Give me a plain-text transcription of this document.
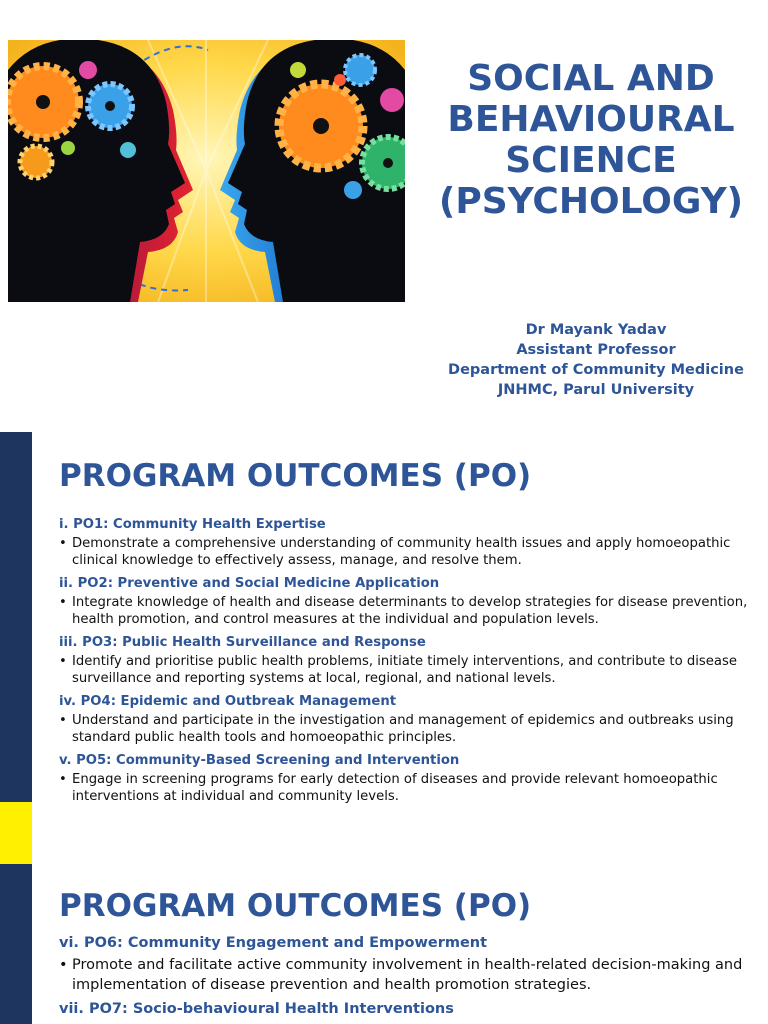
SOCIAL AND
BEHAVIOURAL
SCIENCE
(PSYCHOLOGY)
Dr Mayank Yadav
Assistant Professor
Department of Community Medicine
JNHMC, Parul University
PROGRAM OUTCOMES (PO)

i. PO1: Community Health Expertise

• Demonstrate a comprehensive understanding of community health issues and apply homoeopathic clinical knowledge to effectively assess, manage, and resolve them.

ii. PO2: Preventive and Social Medicine Application

• Integrate knowledge of health and disease determinants to develop strategies for disease prevention, health promotion, and control measures at the individual and population levels.

iii. PO3: Public Health Surveillance and Response

• Identify and prioritise public health problems, initiate timely interventions, and contribute to disease surveillance and reporting systems at local, regional, and national levels.

iv. PO4: Epidemic and Outbreak Management

• Understand and participate in the investigation and management of epidemics and outbreaks using standard public health tools and homoeopathic principles.

v. PO5: Community-Based Screening and Intervention

• Engage in screening programs for early detection of diseases and provide relevant homoeopathic interventions at individual and community levels.

PROGRAM OUTCOMES (PO)

vi. PO6: Community Engagement and Empowerment

• Promote and facilitate active community involvement in health-related decision-making and implementation of disease prevention and health promotion strategies.

vii. PO7: Socio-behavioural Health Interventions
